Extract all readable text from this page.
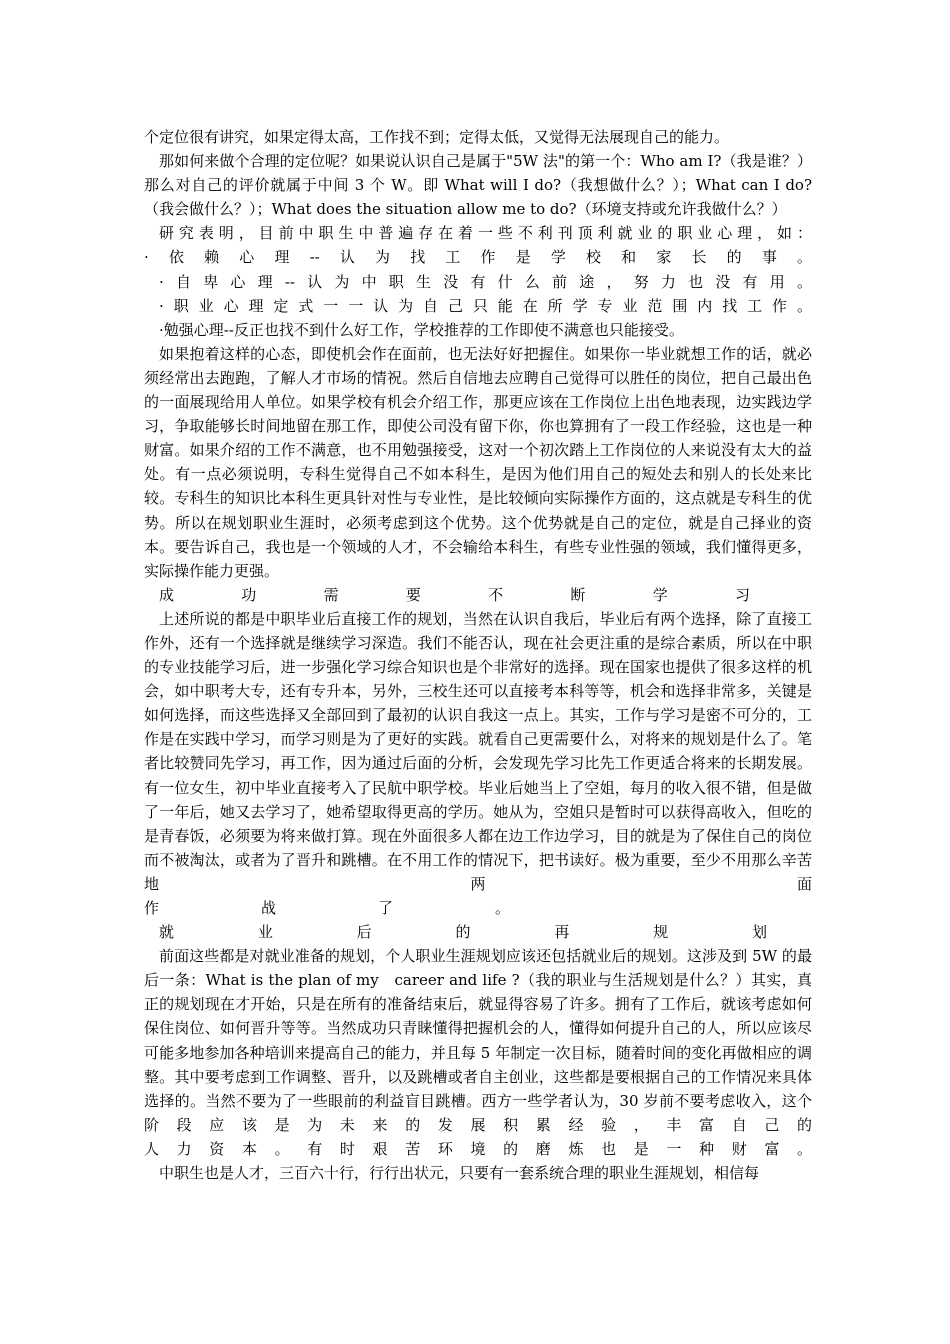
个定位很有讲究，如果定得太高，工作找不到；定得太低，又觉得无法展现自己的能力。

那如何来做个合理的定位呢？如果说认识自己是属于"5W 法"的第一个：Who am I?（我是谁？）那么对自己的评价就属于中间 3 个 W。即 What will I do?（我想做什么？）；What can I do?（我会做什么？）；What does the situation allow me to do?（环境支持或允许我做什么？）

研究表明，目前中职生中普遍存在着一些不利刊顶利就业的职业心理，如：

·依赖心理--认为找工作是学校和家长的事。

·自卑心理--认为中职生没有什么前途，努力也没有用。

·职业心理定式一一认为自己只能在所学专业范围内找工作。

·勉强心理--反正也找不到什么好工作，学校推荐的工作即使不满意也只能接受。

如果抱着这样的心态，即使机会作在面前，也无法好好把握住。如果你一毕业就想工作的话，就必须经常出去跑跑，了解人才市场的情祝。然后自信地去应聘自己觉得可以胜任的岗位，把自己最出色的一面展现给用人单位。如果学校有机会介绍工作，那更应该在工作岗位上出色地表现，边实践边学习，争取能够长时间地留在那工作，即使公司没有留下你，你也算拥有了一段工作经验，这也是一种财富。如果介绍的工作不满意，也不用勉强接受，这对一个初次踏上工作岗位的人来说没有太大的益处。有一点必须说明，专科生觉得自己不如本科生，是因为他们用自己的短处去和别人的长处来比较。专科生的知识比本科生更具针对性与专业性，是比较倾向实际操作方面的，这点就是专科生的优势。所以在规划职业生涯时，必须考虑到这个优势。这个优势就是自己的定位，就是自己择业的资本。要告诉自己，我也是一个领域的人才，不会输给本科生，有些专业性强的领域，我们懂得更多，实际操作能力更强。

成功需要不断学习

上述所说的都是中职毕业后直接工作的规划，当然在认识自我后，毕业后有两个选择，除了直接工作外，还有一个选择就是继续学习深造。我们不能否认，现在社会更注重的是综合素质，所以在中职的专业技能学习后，进一步强化学习综合知识也是个非常好的选择。现在国家也提供了很多这样的机会，如中职考大专，还有专升本，另外，三校生还可以直接考本科等等，机会和选择非常多，关键是如何选择，而这些选择又全部回到了最初的认识自我这一点上。其实，工作与学习是密不可分的，工作是在实践中学习，而学习则是为了更好的实践。就看自己更需要什么，对将来的规划是什么了。笔者比较赞同先学习，再工作，因为通过后面的分析，会发现先学习比先工作更适合将来的长期发展。有一位女生，初中毕业直接考入了民航中职学校。毕业后她当上了空姐，每月的收入很不错，但是做了一年后，她又去学习了，她希望取得更高的学历。她从为，空姐只是暂时可以获得高收入，但吃的是青春饭，必须要为将来做打算。现在外面很多人都在边工作边学习，目的就是为了保住自己的岗位而不被淘汰，或者为了晋升和跳槽。在不用工作的情况下，把书读好。极为重要，至少不用那么辛苦地两面

作战了。

就业后的再规划

前面这些都是对就业准备的规划，个人职业生涯规划应该还包括就业后的规划。这涉及到 5W 的最后一条：What is the plan of my　career and life ?（我的职业与生活规划是什么？）其实，真正的规划现在才开始，只是在所有的准备结束后，就显得容易了许多。拥有了工作后，就该考虑如何保住岗位、如何晋升等等。当然成功只青睐懂得把握机会的人，懂得如何提升自己的人，所以应该尽可能多地参加各种培训来提高自己的能力，并且每 5 年制定一次目标，随着时间的变化再做相应的调整。其中要考虑到工作调整、晋升，以及跳槽或者自主创业，这些都是要根据自己的工作情况来具体选择的。当然不要为了一些眼前的利益盲目跳槽。西方一些学者认为，30 岁前不要考虑收入，这个阶段应该是为未来的发展积累经验，丰富自己的

人力资本。有时艰苦环境的磨炼也是一种财富。

中职生也是人才，三百六十行，行行出状元，只要有一套系统合理的职业生涯规划，相信每
